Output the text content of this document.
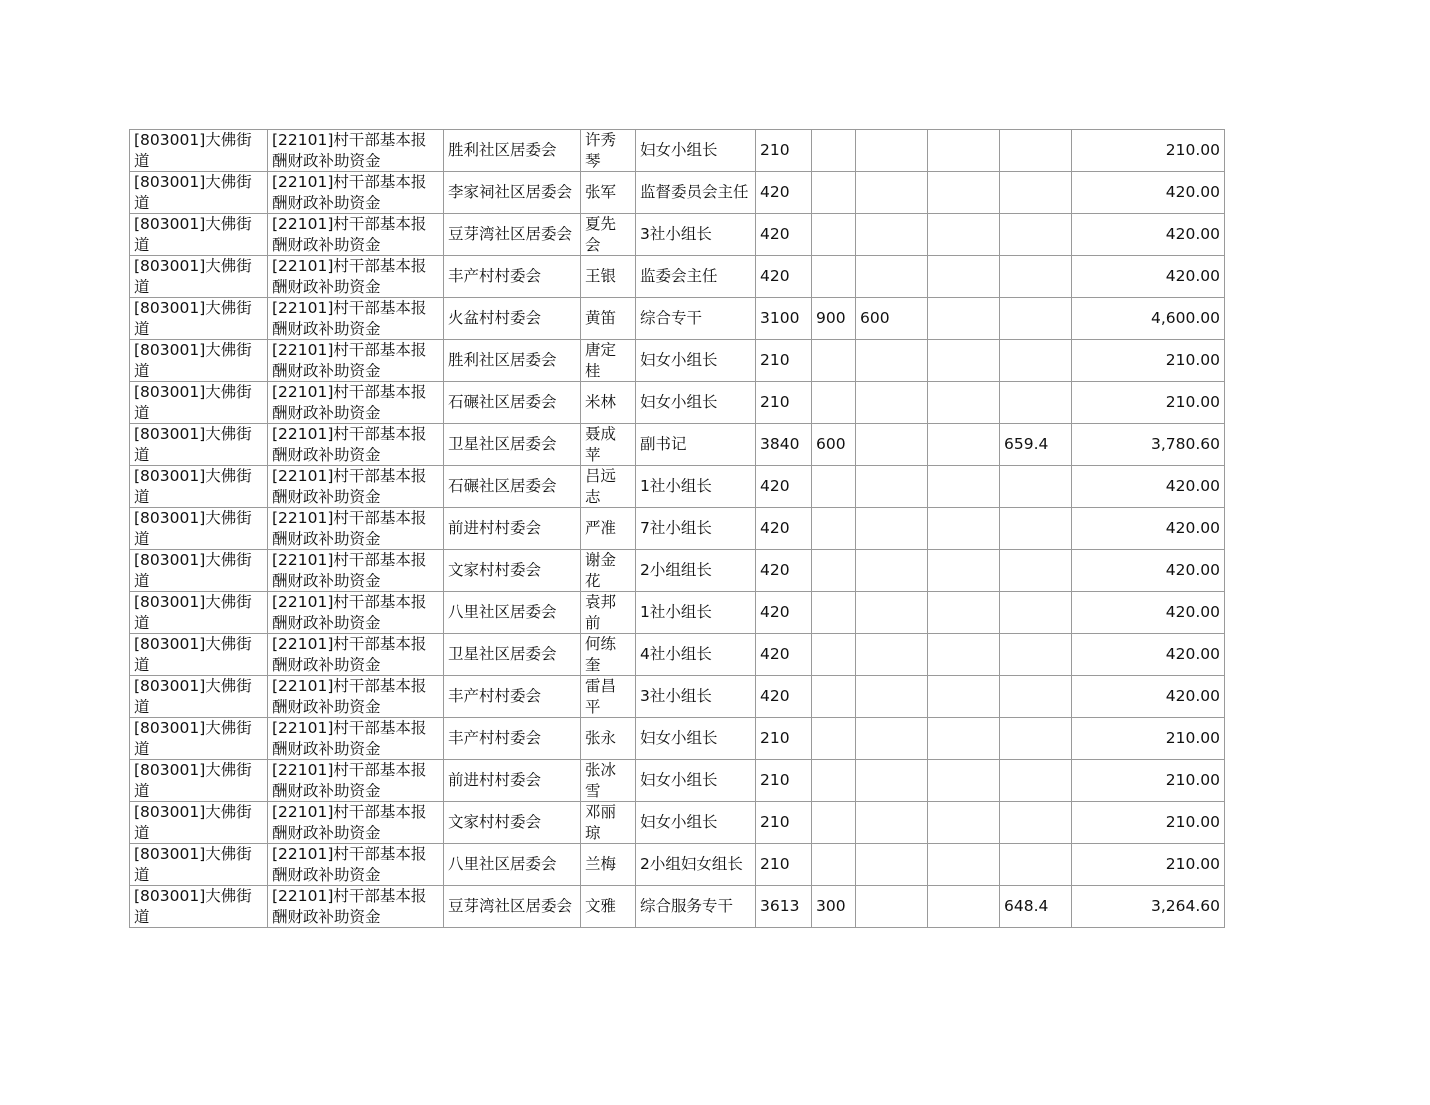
[803001]大佛街道	[22101]村干部基本报酬财政补助资金	胜利社区居委会	许秀琴	妇女小组长	210					210.00
[803001]大佛街道	[22101]村干部基本报酬财政补助资金	李家祠社区居委会	张军	监督委员会主任	420					420.00
[803001]大佛街道	[22101]村干部基本报酬财政补助资金	豆芽湾社区居委会	夏先会	3社小组长	420					420.00
[803001]大佛街道	[22101]村干部基本报酬财政补助资金	丰产村村委会	王银	监委会主任	420					420.00
[803001]大佛街道	[22101]村干部基本报酬财政补助资金	火盆村村委会	黄笛	综合专干	3100	900	600			4,600.00
[803001]大佛街道	[22101]村干部基本报酬财政补助资金	胜利社区居委会	唐定桂	妇女小组长	210					210.00
[803001]大佛街道	[22101]村干部基本报酬财政补助资金	石碾社区居委会	米林	妇女小组长	210					210.00
[803001]大佛街道	[22101]村干部基本报酬财政补助资金	卫星社区居委会	聂成苹	副书记	3840	600			659.4	3,780.60
[803001]大佛街道	[22101]村干部基本报酬财政补助资金	石碾社区居委会	吕远志	1社小组长	420					420.00
[803001]大佛街道	[22101]村干部基本报酬财政补助资金	前进村村委会	严准	7社小组长	420					420.00
[803001]大佛街道	[22101]村干部基本报酬财政补助资金	文家村村委会	谢金花	2小组组长	420					420.00
[803001]大佛街道	[22101]村干部基本报酬财政补助资金	八里社区居委会	袁邦前	1社小组长	420					420.00
[803001]大佛街道	[22101]村干部基本报酬财政补助资金	卫星社区居委会	何练奎	4社小组长	420					420.00
[803001]大佛街道	[22101]村干部基本报酬财政补助资金	丰产村村委会	雷昌平	3社小组长	420					420.00
[803001]大佛街道	[22101]村干部基本报酬财政补助资金	丰产村村委会	张永	妇女小组长	210					210.00
[803001]大佛街道	[22101]村干部基本报酬财政补助资金	前进村村委会	张冰雪	妇女小组长	210					210.00
[803001]大佛街道	[22101]村干部基本报酬财政补助资金	文家村村委会	邓丽琼	妇女小组长	210					210.00
[803001]大佛街道	[22101]村干部基本报酬财政补助资金	八里社区居委会	兰梅	2小组妇女组长	210					210.00
[803001]大佛街道	[22101]村干部基本报酬财政补助资金	豆芽湾社区居委会	文雅	综合服务专干	3613	300			648.4	3,264.60
